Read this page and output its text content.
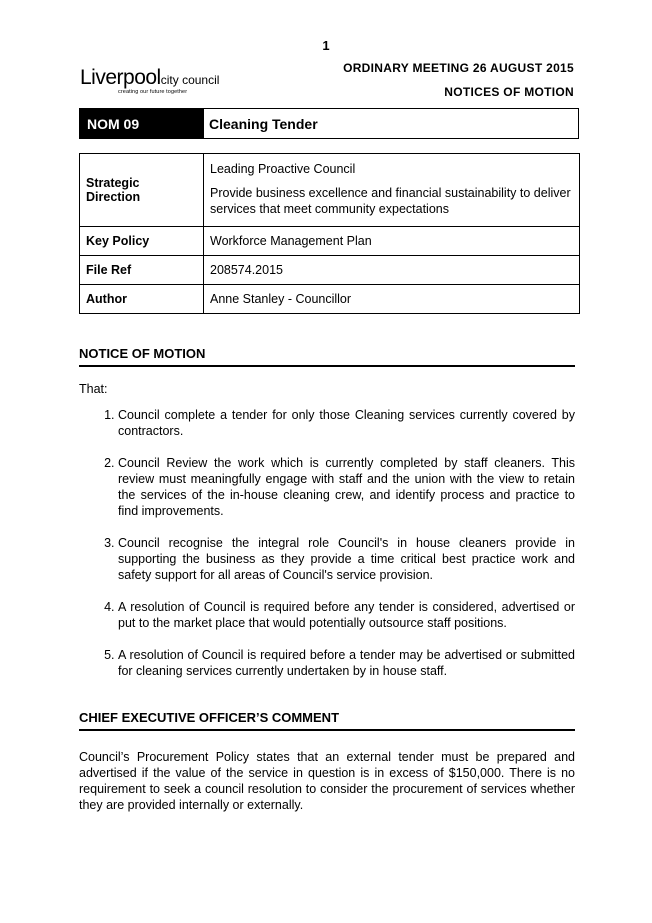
1
Liverpoolcity council
creating our future together
ORDINARY MEETING 26 AUGUST 2015
NOTICES OF MOTION
NOM 09	Cleaning Tender
Strategic Direction	Leading Proactive Council

Provide business excellence and financial sustainability to deliver services that meet community expectations

Key Policy	Workforce Management Plan
File Ref	208574.2015
Author	Anne Stanley - Councillor
NOTICE OF MOTION
That:
1. Council complete a tender for only those Cleaning services currently covered by contractors.
2. Council Review the work which is currently completed by staff cleaners. This review must meaningfully engage with staff and the union with the view to retain the services of the in-house cleaning crew, and identify process and practice to find improvements.
3. Council recognise the integral role Council's in house cleaners provide in supporting the business as they provide a time critical best practice work and safety support for all areas of Council's service provision.
4. A resolution of Council is required before any tender is considered, advertised or put to the market place that would potentially outsource staff positions.
5. A resolution of Council is required before a tender may be advertised or submitted for cleaning services currently undertaken by in house staff.
CHIEF EXECUTIVE OFFICER’S COMMENT

Council’s Procurement Policy states that an external tender must be prepared and advertised if the value of the service in question is in excess of $150,000. There is no requirement to seek a council resolution to consider the procurement of services whether they are provided internally or externally.
